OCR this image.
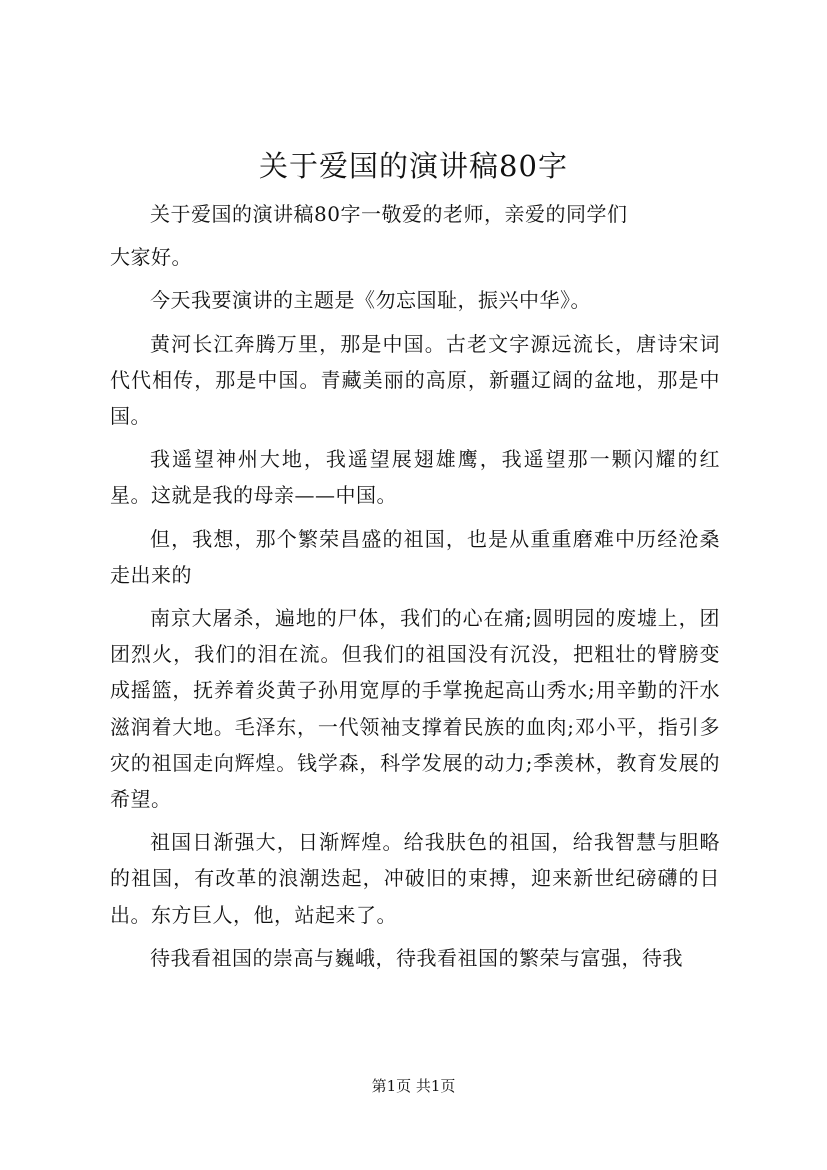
关于爱国的演讲稿80字

关于爱国的演讲稿80字一敬爱的老师，亲爱的同学们

大家好。

今天我要演讲的主题是《勿忘国耻，振兴中华》。

黄河长江奔腾万里，那是中国。古老文字源远流长，唐诗宋词代代相传，那是中国。青藏美丽的高原，新疆辽阔的盆地，那是中国。

我遥望神州大地，我遥望展翅雄鹰，我遥望那一颗闪耀的红星。这就是我的母亲——中国。

但，我想，那个繁荣昌盛的祖国，也是从重重磨难中历经沧桑走出来的

南京大屠杀，遍地的尸体，我们的心在痛;圆明园的废墟上，团团烈火，我们的泪在流。但我们的祖国没有沉没，把粗壮的臂膀变成摇篮，抚养着炎黄子孙用宽厚的手掌挽起高山秀水;用辛勤的汗水滋润着大地。毛泽东，一代领袖支撑着民族的血肉;邓小平，指引多灾的祖国走向辉煌。钱学森，科学发展的动力;季羡林，教育发展的希望。

祖国日渐强大，日渐辉煌。给我肤色的祖国，给我智慧与胆略的祖国，有改革的浪潮迭起，冲破旧的束搏，迎来新世纪磅礴的日出。东方巨人，他，站起来了。

待我看祖国的崇高与巍峨，待我看祖国的繁荣与富强，待我

第1页 共1页
